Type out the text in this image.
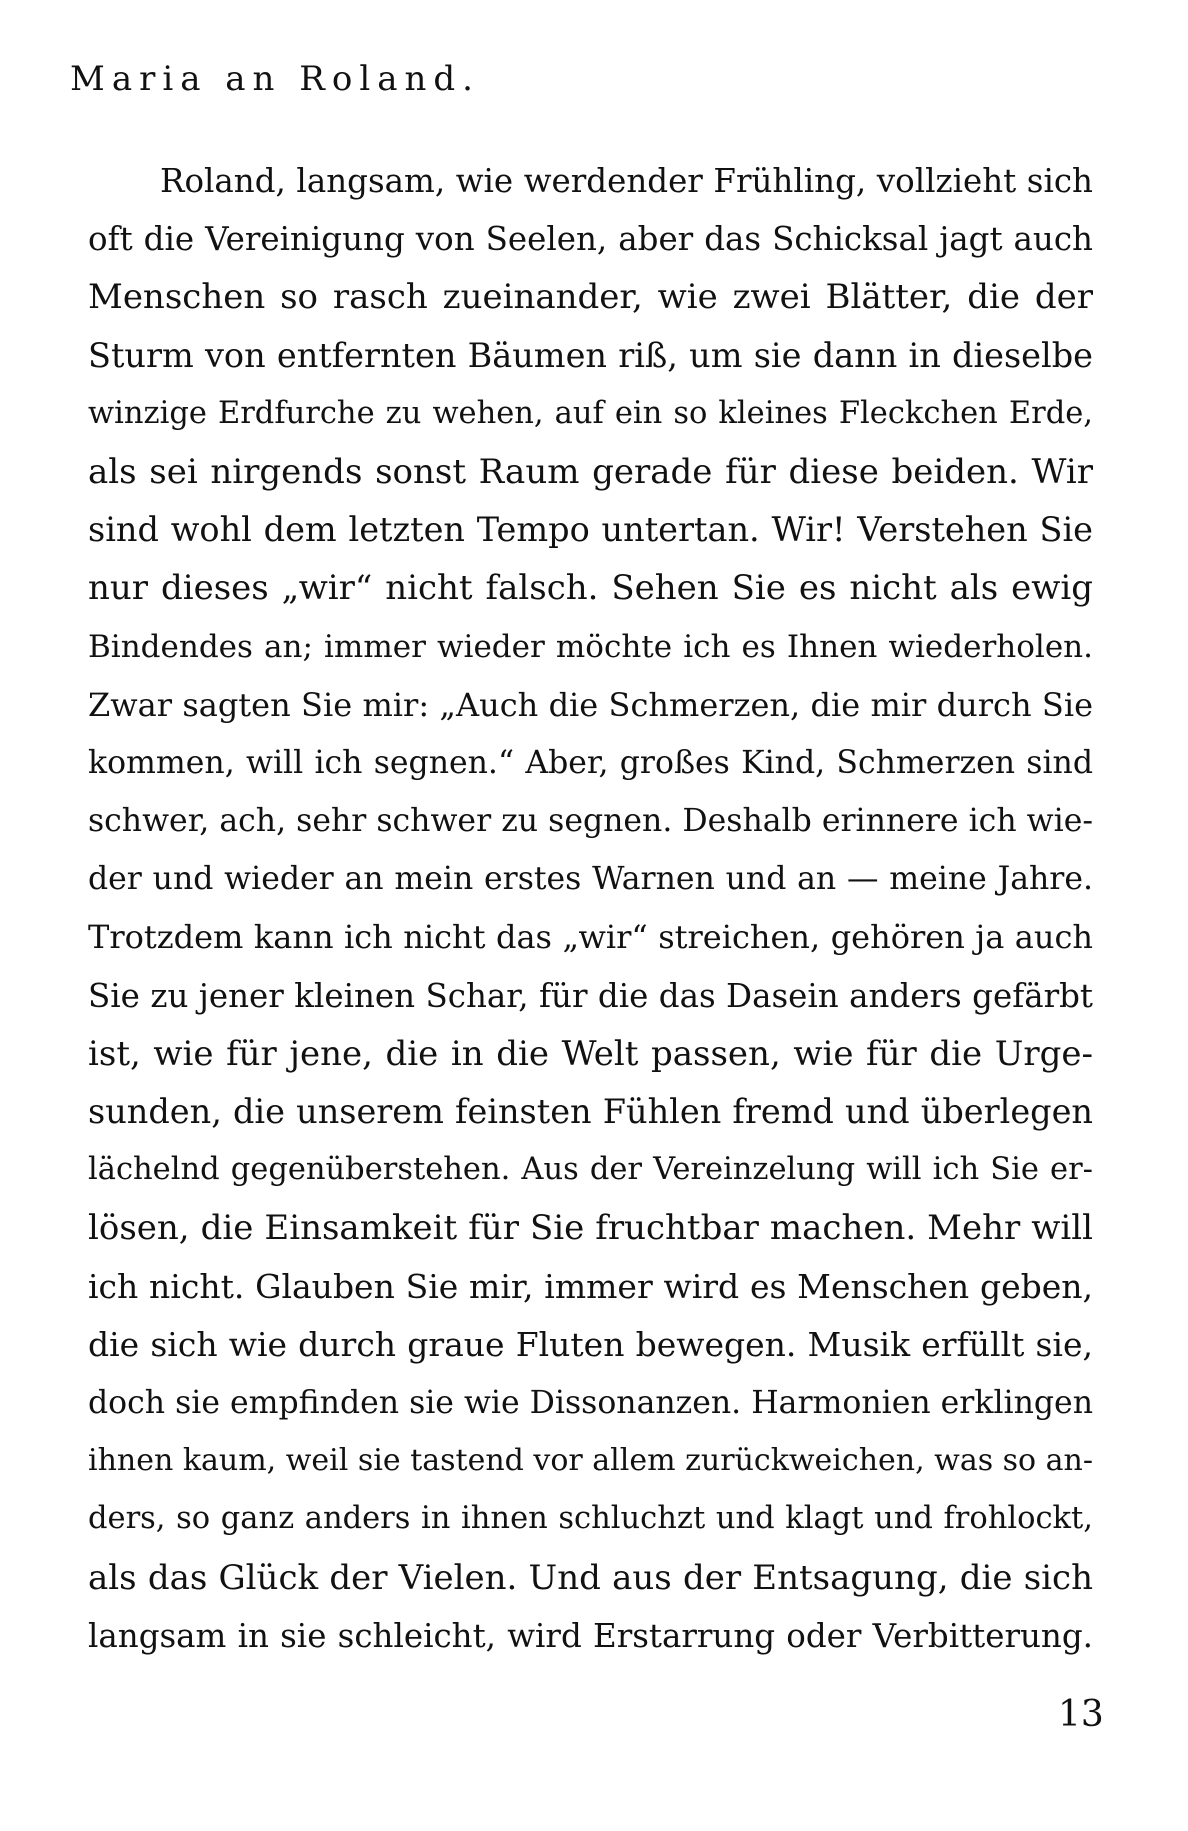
Maria an Roland.
Roland, langsam, wie werdender Frühling, vollzieht sich
oft die Vereinigung von Seelen, aber das Schicksal jagt auch
Menschen so rasch zueinander, wie zwei Blätter, die der
Sturm von entfernten Bäumen riß, um sie dann in dieselbe
winzige Erdfurche zu wehen, auf ein so kleines Fleckchen Erde,
als sei nirgends sonst Raum gerade für diese beiden. Wir
sind wohl dem letzten Tempo untertan. Wir! Verstehen Sie
nur dieses „wir“ nicht falsch. Sehen Sie es nicht als ewig
Bindendes an; immer wieder möchte ich es Ihnen wiederholen.
Zwar sagten Sie mir: „Auch die Schmerzen, die mir durch Sie
kommen, will ich segnen.“ Aber, großes Kind, Schmerzen sind
schwer, ach, sehr schwer zu segnen. Deshalb erinnere ich wie-
der und wieder an mein erstes Warnen und an — meine Jahre.
Trotzdem kann ich nicht das „wir“ streichen, gehören ja auch
Sie zu jener kleinen Schar, für die das Dasein anders gefärbt
ist, wie für jene, die in die Welt passen, wie für die Urge-
sunden, die unserem feinsten Fühlen fremd und überlegen
lächelnd gegenüberstehen. Aus der Vereinzelung will ich Sie er-
lösen, die Einsamkeit für Sie fruchtbar machen. Mehr will
ich nicht. Glauben Sie mir, immer wird es Menschen geben,
die sich wie durch graue Fluten bewegen. Musik erfüllt sie,
doch sie empfinden sie wie Dissonanzen. Harmonien erklingen
ihnen kaum, weil sie tastend vor allem zurückweichen, was so an-
ders, so ganz anders in ihnen schluchzt und klagt und frohlockt,
als das Glück der Vielen. Und aus der Entsagung, die sich
langsam in sie schleicht, wird Erstarrung oder Verbitterung.
13
